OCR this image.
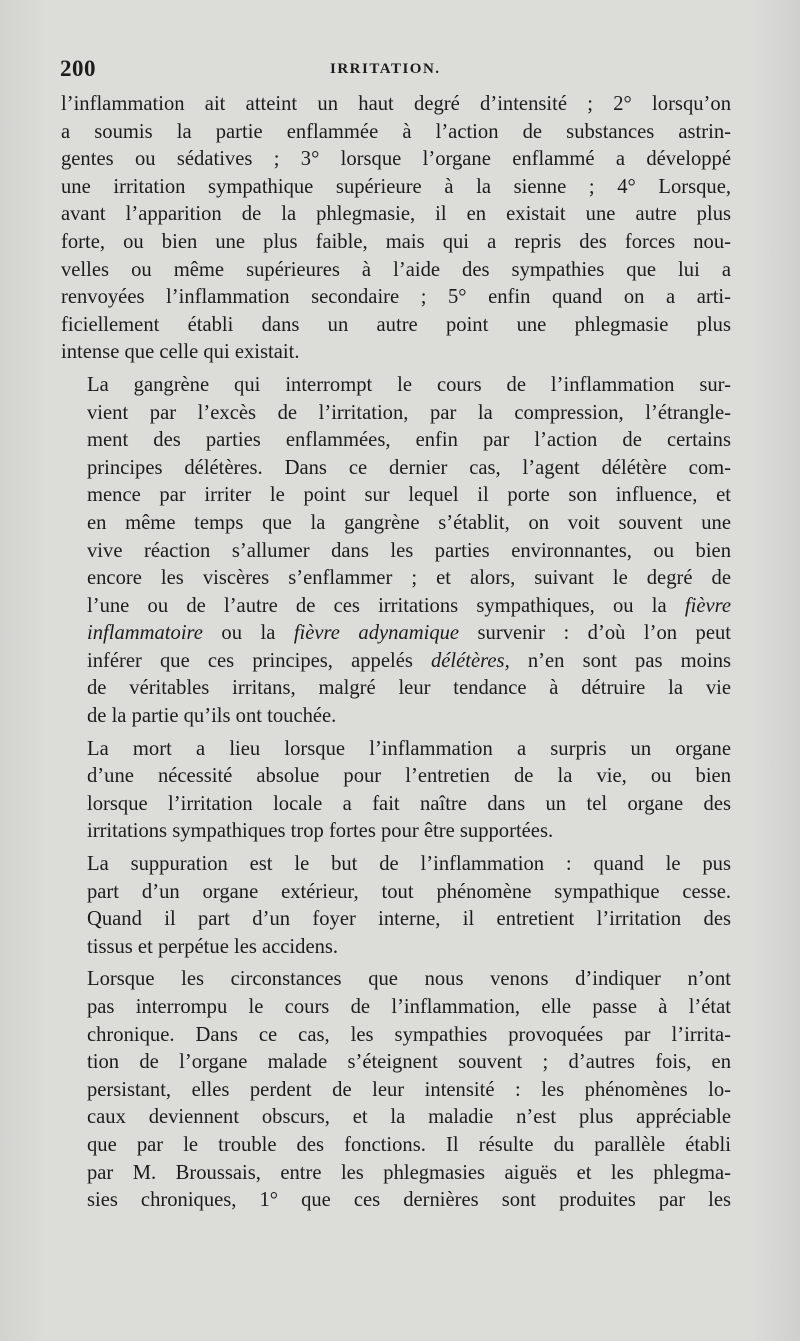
200	IRRITATION.

l’inflammation ait atteint un haut degré d’intensité ; 2° lorsqu’on
a soumis la partie enflammée à l’action de substances astrin-
gentes ou sédatives ; 3° lorsque l’organe enflammé a développé
une irritation sympathique supérieure à la sienne ; 4° Lorsque,
avant l’apparition de la phlegmasie, il en existait une autre plus
forte, ou bien une plus faible, mais qui a repris des forces nou-
velles ou même supérieures à l’aide des sympathies que lui a
renvoyées l’inflammation secondaire ; 5° enfin quand on a arti-
ficiellement établi dans un autre point une phlegmasie plus
intense que celle qui existait.

La gangrène qui interrompt le cours de l’inflammation sur-
vient par l’excès de l’irritation, par la compression, l’étrangle-
ment des parties enflammées, enfin par l’action de certains
principes délétères. Dans ce dernier cas, l’agent délétère com-
mence par irriter le point sur lequel il porte son influence, et
en même temps que la gangrène s’établit, on voit souvent une
vive réaction s’allumer dans les parties environnantes, ou bien
encore les viscères s’enflammer ; et alors, suivant le degré de
l’une ou de l’autre de ces irritations sympathiques, ou la fièvre
inflammatoire ou la fièvre adynamique survenir : d’où l’on peut
inférer que ces principes, appelés délétères, n’en sont pas moins
de véritables irritans, malgré leur tendance à détruire la vie
de la partie qu’ils ont touchée.

La mort a lieu lorsque l’inflammation a surpris un organe
d’une nécessité absolue pour l’entretien de la vie, ou bien
lorsque l’irritation locale a fait naître dans un tel organe des
irritations sympathiques trop fortes pour être supportées.

La suppuration est le but de l’inflammation : quand le pus
part d’un organe extérieur, tout phénomène sympathique cesse.
Quand il part d’un foyer interne, il entretient l’irritation des
tissus et perpétue les accidens.

Lorsque les circonstances que nous venons d’indiquer n’ont
pas interrompu le cours de l’inflammation, elle passe à l’état
chronique. Dans ce cas, les sympathies provoquées par l’irrita-
tion de l’organe malade s’éteignent souvent ; d’autres fois, en
persistant, elles perdent de leur intensité : les phénomènes lo-
caux deviennent obscurs, et la maladie n’est plus appréciable
que par le trouble des fonctions. Il résulte du parallèle établi
par M. Broussais, entre les phlegmasies aiguës et les phlegma-
sies chroniques, 1° que ces dernières sont produites par les
